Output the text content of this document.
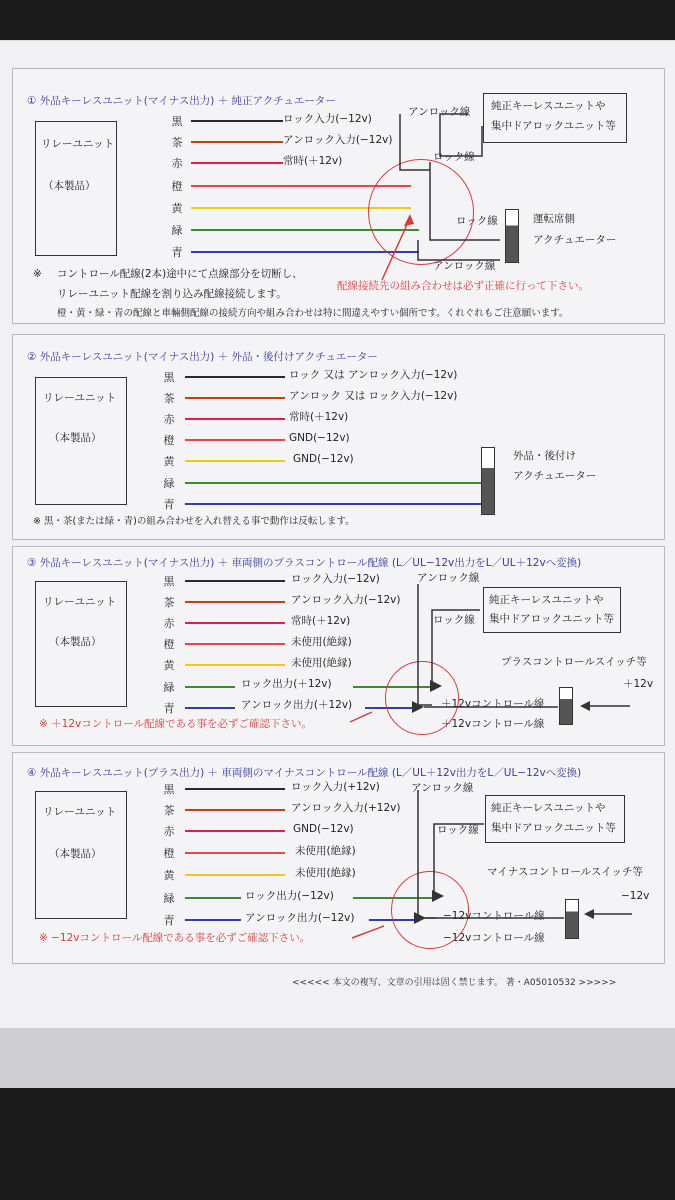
① 外品キーレスユニット(マイナス出力) ＋ 純正アクチュエーター
リレーユニット
（本製品）
黒
茶
赤
橙
黄
緑
青
ロック入力(−12v)
アンロック入力(−12v)
常時(＋12v)
アンロック線
ロック線
純正キーレスユニットや
集中ドアロックユニット等
ロック線
アンロック線
運転席側
アクチュエーター
※ コントロール配線(2本)途中にて点線部分を切断し、
リレーユニット配線を割り込み配線接続します。
橙・黄・緑・青の配線と車輛側配線の接続方向や組み合わせは特に間違えやすい個所です。くれぐれもご注意願います。
配線接続先の組み合わせは必ず正確に行って下さい。
② 外品キーレスユニット(マイナス出力) ＋ 外品・後付けアクチュエーター
リレーユニット
（本製品）
黒
茶
赤
橙
黄
緑
青
ロック 又は アンロック入力(−12v)
アンロック 又は ロック入力(−12v)
常時(＋12v)
GND(−12v)
GND(−12v)	外品・後付け
アクチュエーター
※ 黒・茶(または緑・青)の組み合わせを入れ替える事で動作は反転します。
③ 外品キーレスユニット(マイナス出力) ＋ 車両側のプラスコントロール配線 (L／UL−12v出力をL／UL＋12vへ変換)
リレーユニット
（本製品）
黒
茶
赤
橙
黄
緑
青
ロック入力(−12v)
アンロック入力(−12v)
常時(＋12v)
未使用(絶縁)
未使用(絶縁)
ロック出力(＋12v)
アンロック出力(＋12v)
アンロック線
ロック線
純正キーレスユニットや
集中ドアロックユニット等
プラスコントロールスイッチ等
＋12v
＋12vコントロール線
＋12vコントロール線
※ ＋12vコントロール配線である事を必ずご確認下さい。
④ 外品キーレスユニット(プラス出力) ＋ 車両側のマイナスコントロール配線 (L／UL＋12v出力をL／UL−12vへ変換)
リレーユニット
（本製品）
黒
茶
赤
橙
黄
緑
青
ロック入力(+12v)
アンロック入力(+12v)
GND(−12v)
未使用(絶縁)
未使用(絶縁)
ロック出力(−12v)
アンロック出力(−12v)
アンロック線
ロック線
純正キーレスユニットや
集中ドアロックユニット等
マイナスコントロールスイッチ等
−12v
−12vコントロール線
−12vコントロール線
※ −12vコントロール配線である事を必ずご確認下さい。
<<<<< 本文の複写、文章の引用は固く禁じます。 著・A05010532 >>>>>
